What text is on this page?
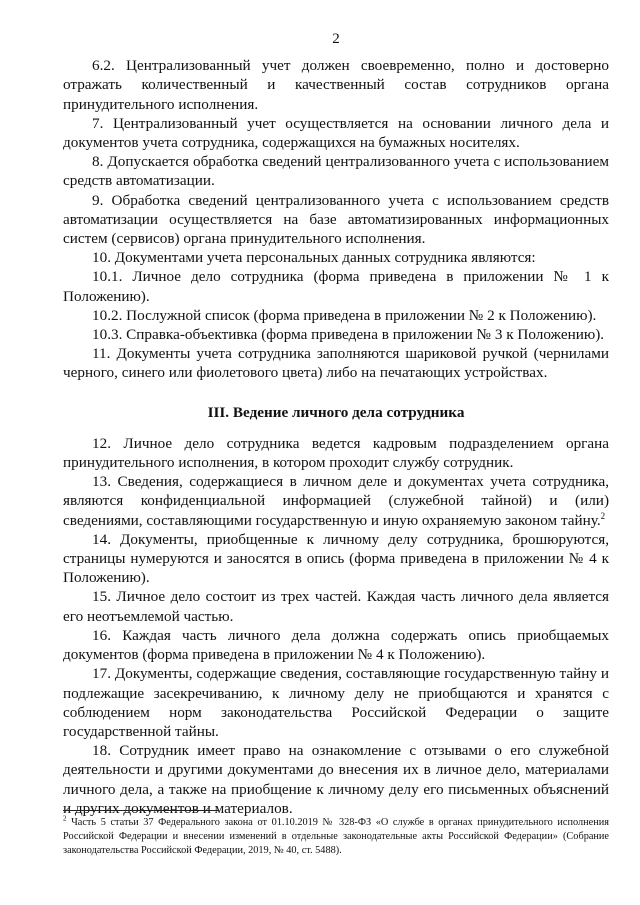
2

6.2. Централизованный учет должен своевременно, полно и достоверно отражать количественный и качественный состав сотрудников органа принудительного исполнения.

7. Централизованный учет осуществляется на основании личного дела и документов учета сотрудника, содержащихся на бумажных носителях.

8. Допускается обработка сведений централизованного учета с использованием средств автоматизации.

9. Обработка сведений централизованного учета с использованием средств автоматизации осуществляется на базе автоматизированных информационных систем (сервисов) органа принудительного исполнения.

10. Документами учета персональных данных сотрудника являются:

10.1. Личное дело сотрудника (форма приведена в приложении № 1 к Положению).

10.2. Послужной список (форма приведена в приложении № 2 к Положению).

10.3. Справка-объективка (форма приведена в приложении № 3 к Положению).

11. Документы учета сотрудника заполняются шариковой ручкой (чернилами черного, синего или фиолетового цвета) либо на печатающих устройствах.

III. Ведение личного дела сотрудника

12. Личное дело сотрудника ведется кадровым подразделением органа принудительного исполнения, в котором проходит службу сотрудник.

13. Сведения, содержащиеся в личном деле и документах учета сотрудника, являются конфиденциальной информацией (служебной тайной) и (или) сведениями, составляющими государственную и иную охраняемую законом тайну.$^2$

14. Документы, приобщенные к личному делу сотрудника, брошюруются, страницы нумеруются и заносятся в опись (форма приведена в приложении № 4 к Положению).

15. Личное дело состоит из трех частей. Каждая часть личного дела является его неотъемлемой частью.

16. Каждая часть личного дела должна содержать опись приобщаемых документов (форма приведена в приложении № 4 к Положению).

17. Документы, содержащие сведения, составляющие государственную тайну и подлежащие засекречиванию, к личному делу не приобщаются и хранятся с соблюдением норм законодательства Российской Федерации о защите государственной тайны.

18. Сотрудник имеет право на ознакомление с отзывами о его служебной деятельности и другими документами до внесения их в личное дело, материалами личного дела, а также на приобщение к личному делу его письменных объяснений и других документов и материалов.

$^2$ Часть 5 статьи 37 Федерального закона от 01.10.2019 № 328-ФЗ «О службе в органах принудительного исполнения Российской Федерации и внесении изменений в отдельные законодательные акты Российской Федерации» (Собрание законодательства Российской Федерации, 2019, № 40, ст. 5488).
